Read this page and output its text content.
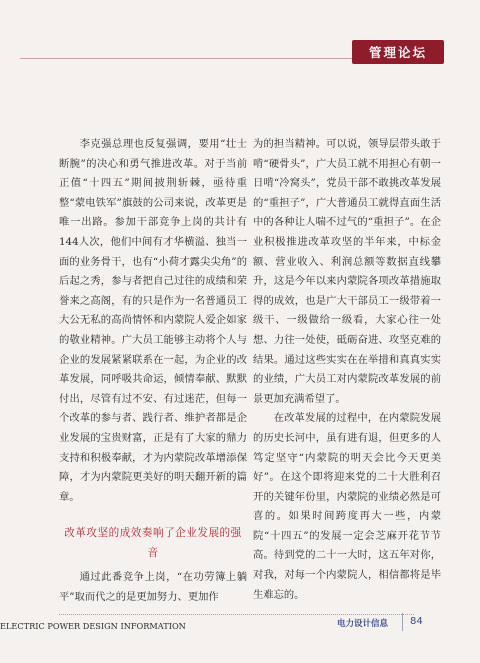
管理论坛

李克强总理也反复强调，要用“壮士断腕”的决心和勇气推进改革。对于当前正值“十四五”期间披荆斩棘，亟待重整“蒙电铁军”旗鼓的公司来说，改革更是唯一出路。参加干部竞争上岗的共计有144人次，他们中间有才华横溢、独当一面的业务骨干，也有“小荷才露尖尖角”的后起之秀，参与者把自己过往的成绩和荣誉来之高阁，有的只是作为一名普通员工大公无私的高尚情怀和内蒙院人爱企如家的敬业精神。广大员工能够主动将个人与企业的发展紧紧联系在一起，为企业的改革发展，同呼吸共命运，倾情奉献、默默付出，尽管有过不安、有过迷茫，但每一个改革的参与者、践行者、维护者都是企业发展的宝贵财富，正是有了大家的鼎力支持和积极奉献，才为内蒙院改革增添保障，才为内蒙院更美好的明天翻开新的篇章。

改革攻坚的成效奏响了企业发展的强音

通过此番竞争上岗，“在功劳簿上躺平”取而代之的是更加努力、更加作

为的担当精神。可以说，领导层带头敢于啃“硬骨头”，广大员工就不用担心有朝一日啃“冷窝头”，党员干部不敢挑改革发展的“重担子”，广大普通员工就得直面生活中的各种让人喘不过气的“重担子”。在企业积极推进改革攻坚的半年来，中标金额、营业收入、利润总额等数据直线攀升，这是今年以来内蒙院各项改革措施取得的成效，也是广大干部员工一级带着一级干、一级做给一级看，大家心往一处想、力往一处使，砥砺奋进、攻坚克难的结果。通过这些实实在在举措和真真实实的业绩，广大员工对内蒙院改革发展的前景更加充满希望了。

在改革发展的过程中，在内蒙院发展的历史长河中，虽有进有退，但更多的人笃定坚守“内蒙院的明天会比今天更美好”。在这个即将迎来党的二十大胜利召开的关键年份里，内蒙院的业绩必然是可喜的。如果时间跨度再大一些，内蒙院“十四五”的发展一定会芝麻开花节节高。待到党的二十一大时，这五年对你，对我，对每一个内蒙院人，相信都将是毕生难忘的。

ELECTRIC POWER DESIGN INFORMATION	电力设计信息 84
